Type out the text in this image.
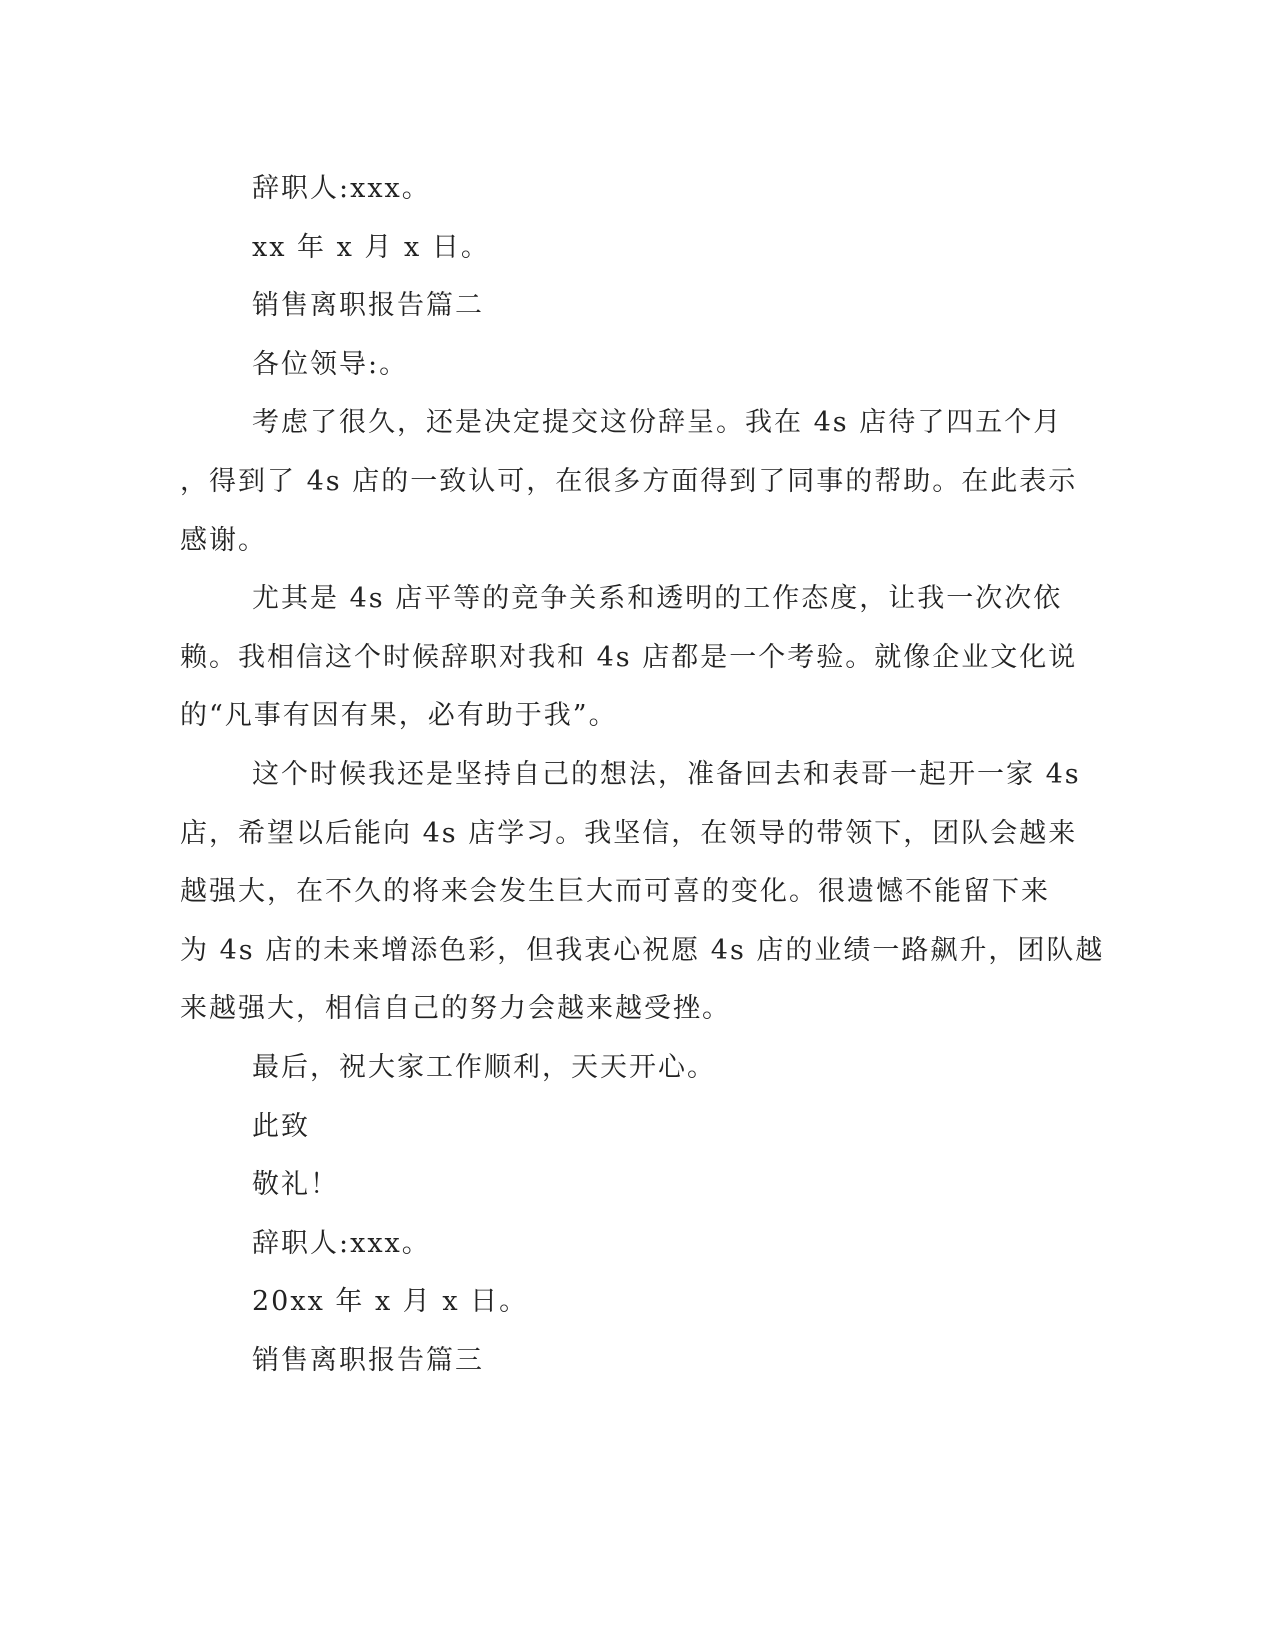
辞职人:xxx。

xx 年 x 月 x 日。

销售离职报告篇二

各位领导:。

考虑了很久，还是决定提交这份辞呈。我在 4s 店待了四五个月

，得到了 4s 店的一致认可，在很多方面得到了同事的帮助。在此表示

感谢。

尤其是 4s 店平等的竞争关系和透明的工作态度，让我一次次依

赖。我相信这个时候辞职对我和 4s 店都是一个考验。就像企业文化说

的“凡事有因有果，必有助于我”。

这个时候我还是坚持自己的想法，准备回去和表哥一起开一家 4s

店，希望以后能向 4s 店学习。我坚信，在领导的带领下，团队会越来

越强大，在不久的将来会发生巨大而可喜的变化。很遗憾不能留下来

为 4s 店的未来增添色彩，但我衷心祝愿 4s 店的业绩一路飙升，团队越

来越强大，相信自己的努力会越来越受挫。

最后，祝大家工作顺利，天天开心。

此致

敬礼！

辞职人:xxx。

20xx 年 x 月 x 日。

销售离职报告篇三
